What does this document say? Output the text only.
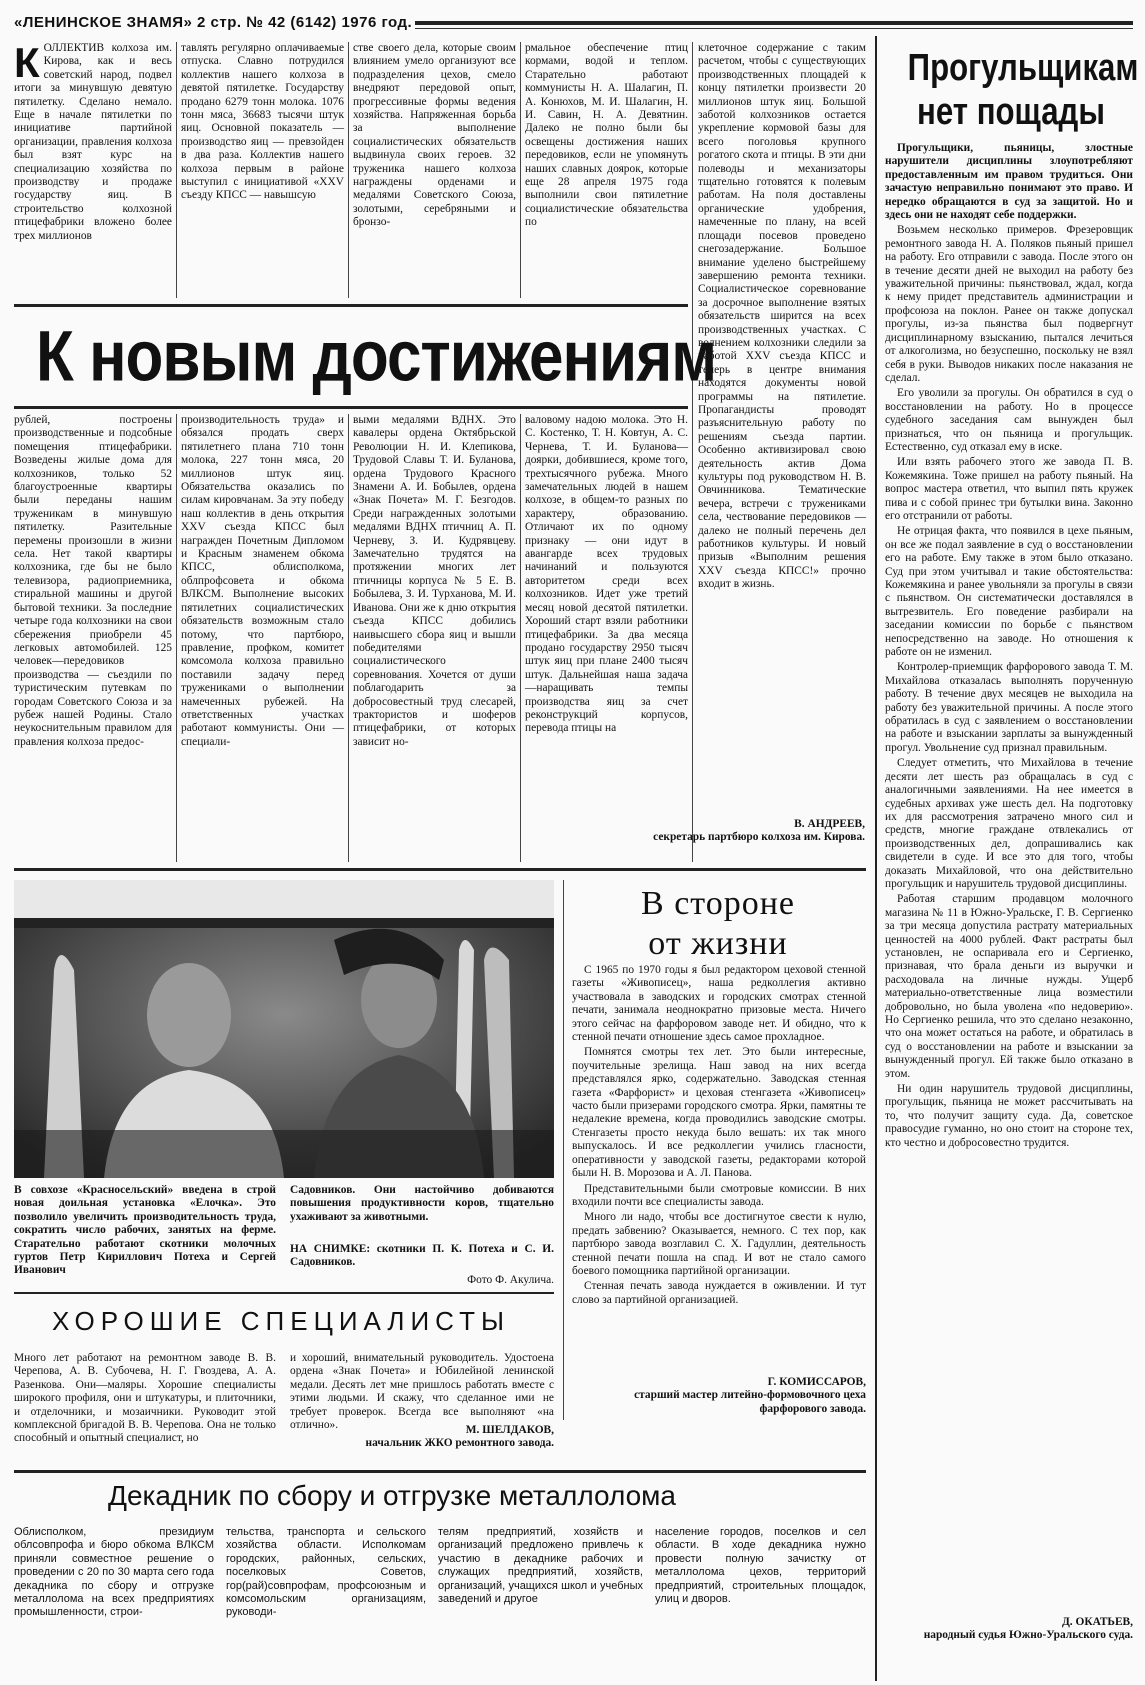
«ЛЕНИНСКОЕ ЗНАМЯ» 2 стр. № 42 (6142) 1976 год.
КОЛЛЕКТИВ колхоза им. Кирова, как и весь советский народ, подвел итоги за минувшую девятую пятилетку. Сделано немало. Еще в начале пятилетки по инициативе партийной организации, правления колхоза был взят курс на специализацию хозяйства по производству и продаже государству яиц. В строительство колхозной птицефабрики вложено более трех миллионов
тавлять регулярно оплачиваемые отпуска. Славно потрудился коллектив нашего колхоза в девятой пятилетке. Государству продано 6279 тонн молока. 1076 тонн мяса, 36683 тысячи штук яиц. Основной показатель — производство яиц — превзойден в два раза. Коллектив нашего колхоза первым в районе выступил с инициативой «XXV съезду КПСС — навышсую
ствe своего дела, которые своим влиянием умело организуют все подразделения цехов, смело внедряют передовой опыт, прогрессивные формы ведения хозяйства. Напряженная борьба за выполнение социалистических обязательств выдвинула своих героев. 32 труженика нашего колхоза награждены орденами и медалями Советского Союза, золотыми, серебряными и бронзо-
рмальное обеспечение птиц кормами, водой и теплом. Старательно работают коммунисты Н. А. Шалагин, П. А. Конюхов, М. И. Шалагин, Н. И. Савин, Н. А. Девятнин. Далеко не полно были бы освещены достижения наших передовиков, если не упомянуть наших славных доярок, которые еще 28 апреля 1975 года выполнили свои пятилетние социалистические обязательства по
клеточное содержание с таким расчетом, чтобы с существующих производственных площадей к концу пятилетки произвести 20 миллионов штук яиц. Большой заботой колхозников остается укрепление кормовой базы для всего поголовья крупного рогатого скота и птицы. В эти дни полеводы и механизаторы тщательно готовятся к полевым работам. На поля доставлены органические удобрения, намеченные по плану, на всей площади посевов проведено снегозадержание. Большое внимание уделено быстрейшему завершению ремонта техники. Социалистическое соревнование за досрочное выполнение взятых обязательств ширится на всех производственных участках. С волнением колхозники следили за работой XXV съезда КПСС и теперь в центре внимания находятся документы новой программы на пятилетие. Пропагандисты проводят разъяснительную работу по решениям съезда партии. Особенно активизировал свою деятельность актив Дома культуры под руководством Н. В. Овчинникова. Тематические вечера, встречи с тружениками села, чествование передовиков — далеко не полный перечень дел работников культуры. И новый призыв «Выполним решения XXV съезда КПСС!» прочно входит в жизнь.
К новым достижениям
рублей, построены производственные и подсобные помещения птицефабрики. Возведены жилые дома для колхозников, только 52 благоустроенные квартиры были переданы нашим труженикам в минувшую пятилетку. Разительные перемены произошли в жизни села. Нет такой квартиры колхозника, где бы не было телевизора, радиоприемника, стиральной машины и другой бытовой техники. За последние четыре года колхозники на свои сбережения приобрели 45 легковых автомобилей. 125 человек—передовиков производства — съездили по туристическим путевкам по городам Советского Союза и за рубеж нашей Родины. Стало неукоснительным правилом для правления колхоза предос-
производительность труда» и обязался продать сверх пятилетнего плана 710 тонн молока, 227 тонн мяса, 20 миллионов штук яиц. Обязательства оказались по силам кировчанам. За эту победу наш коллектив в день открытия XXV съезда КПСС был награжден Почетным Дипломом и Красным знаменем обкома КПСС, облисполкома, облпрофсовета и обкома ВЛКСМ. Выполнение высоких пятилетних социалистических обязательств возможным стало потому, что партбюро, правление, профком, комитет комсомола колхоза правильно поставили задачу перед тружениками о выполнении намеченных рубежей. На ответственных участках работают коммунисты. Они — специали-
выми медалями ВДНХ. Это кавалеры ордена Октябрьской Революции Н. И. Клепикова, Трудовой Славы Т. И. Буланова, ордена Трудового Красного Знамени А. И. Бобылев, ордена «Знак Почета» М. Г. Безгодов. Среди награжденных золотыми медалями ВДНХ птичниц А. П. Черневу, З. И. Кудрявцеву. Замечательно трудятся на протяжении многих лет птичницы корпуса № 5 Е. В. Бобылева, З. И. Турханова, М. И. Иванова. Они же к дню открытия съезда КПСС добились наивысшего сбора яиц и вышли победителями социалистического соревнования. Хочется от души поблагодарить за добросовестный труд слесарей, трактористов и шоферов птицефабрики, от которых зависит но-
валовому надою молока. Это Н. С. Костенко, Т. Н. Ковтун, А. С. Чернева, Т. И. Буланова—доярки, добившиеся, кроме того, трехтысячного рубежа. Много замечательных людей в нашем колхозе, в общем-то разных по характеру, образованию. Отличают их по одному признаку — они идут в авангарде всех трудовых начинаний и пользуются авторитетом среди всех колхозников. Идет уже третий месяц новой десятой пятилетки. Хороший старт взяли работники птицефабрики. За два месяца продано государству 2950 тысяч штук яиц при плане 2400 тысяч штук. Дальнейшая наша задача—наращивать темпы производства яиц за счет реконструкций корпусов, перевода птицы на
В. АНДРЕЕВ,
секретарь партбюро колхоза им. Кирова.
Прогульщикам
нет пощады

Прогульщики, пьяницы, злостные нарушители дисциплины злоупотребляют предоставленным им правом трудиться. Они зачастую неправильно понимают это право. И нередко обращаются в суд за защитой. Но и здесь они не находят себе поддержки.

Возьмем несколько примеров. Фрезеровщик ремонтного завода Н. А. Поляков пьяный пришел на работу. Его отправили с завода. После этого он в течение десяти дней не выходил на работу без уважительной причины: пьянствовал, ждал, когда к нему придет представитель администрации и профсоюза на поклон. Ранее он также допускал прогулы, из-за пьянства был подвергнут дисциплинарному взысканию, пытался лечиться от алкоголизма, но безуспешно, поскольку не взял себя в руки. Выводов никаких после наказания не сделал.

Его уволили за прогулы. Он обратился в суд о восстановлении на работу. Но в процессе судебного заседания сам вынужден был признаться, что он пьяница и прогульщик. Естественно, суд отказал ему в иске.

Или взять рабочего этого же завода П. В. Кожемякина. Тоже пришел на работу пьяный. На вопрос мастера ответил, что выпил пять кружек пива и с собой принес три бутылки вина. Законно его отстранили от работы.

Не отрицая факта, что появился в цехе пьяным, он все же подал заявление в суд о восстановлении его на работе. Ему также в этом было отказано. Суд при этом учитывал и такие обстоятельства: Кожемякина и ранее увольняли за прогулы в связи с пьянством. Он систематически доставлялся в вытрезвитель. Его поведение разбирали на заседании комиссии по борьбе с пьянством непосредственно на заводе. Но отношения к работе он не изменил.

Контролер-приемщик фарфорового завода Т. М. Михайлова отказалась выполнять порученную работу. В течение двух месяцев не выходила на работу без уважительной причины. А после этого обратилась в суд с заявлением о восстановлении на работе и взыскании зарплаты за вынужденный прогул. Увольнение суд признал правильным.

Следует отметить, что Михайлова в течение десяти лет шесть раз обращалась в суд с аналогичными заявлениями. На нее имеется в судебных архивах уже шесть дел. На подготовку их для рассмотрения затрачено много сил и средств, многие граждане отвлекались от производственных дел, допрашивались как свидетели в суде. И все это для того, чтобы доказать Михайловой, что она действительно прогульщик и нарушитель трудовой дисциплины.

Работая старшим продавцом молочного магазина № 11 в Южно-Уральске, Г. В. Сергиенко за три месяца допустила растрату материальных ценностей на 4000 рублей. Факт растраты был установлен, не оспаривала его и Сергиенко, признавая, что брала деньги из выручки и расходовала на личные нужды. Ущерб материально-ответственные лица возместили добровольно, но была уволена «по недоверию». Но Сергиенко решила, что это сделано незаконно, что она может остаться на работе, и обратилась в суд о восстановлении на работе и взыскании за вынужденный прогул. Ей также было отказано в этом.

Ни один нарушитель трудовой дисциплины, прогульщик, пьяница не может рассчитывать на то, что получит защиту суда. Да, советское правосудие гуманно, но оно стоит на стороне тех, кто честно и добросовестно трудится.

Д. ОКАТЬЕВ,
народный судья Южно-Уральского суда.
В совхозе «Красносельский» введена в строй новая доильная установка «Елочка». Это позволило увеличить производительность труда, сократить число рабочих, занятых на ферме. Старательно работают скотники молочных гуртов Петр Кириллович Потеха и Сергей Иванович
Садовников. Они настойчиво добиваются повышения продуктивности коров, тщательно ухаживают за животными.
НА СНИМКЕ: скотники П. К. Потеха и С. И. Садовников.
Фото Ф. Акулича.
В стороне
от жизни

С 1965 по 1970 годы я был редактором цеховой стенной газеты «Живописец», наша редколлегия активно участвовала в заводских и городских смотрах стенной печати, занимала неоднократно призовые места. Ничего этого сейчас на фарфоровом заводе нет. И обидно, что к стенной печати отношение здесь самое прохладное.

Помнятся смотры тех лет. Это были интересные, поучительные зрелища. Наш завод на них всегда представлялся ярко, содержательно. Заводская стенная газета «Фарфорист» и цеховая стенгазета «Живописец» часто были призерами городского смотра. Ярки, памятны те недалекие времена, когда проводились заводские смотры. Стенгазеты просто некуда было вешать: их так много выпускалось. И все редколлегии учились гласности, оперативности у заводской газеты, редакторами которой были Н. В. Морозова и А. Л. Панова.

Представительными были смотровые комиссии. В них входили почти все специалисты завода.

Много ли надо, чтобы все достигнутое свести к нулю, предать забвению? Оказывается, немного. С тех пор, как партбюро завода возглавил С. Х. Гадуллин, деятельность стенной печати пошла на спад. И вот не стало самого боевого помощника партийной организации.

Стенная печать завода нуждается в оживлении. И тут слово за партийной организацией.

Г. КОМИССАРОВ,
старший мастер литейно-формовочного цеха фарфорового завода.
ХОРОШИЕ СПЕЦИАЛИСТЫ
Много лет работают на ремонтном заводе В. В. Черепова, А. В. Субочева, Н. Г. Гвоздева, А. А. Разенкова. Они—маляры. Хорошие специалисты широкого профиля, они и штукатуры, и плиточники, и отделочники, и мозаичники. Руководит этой комплексной бригадой В. В. Черепова. Она не только способный и опытный специалист, но
и хороший, внимательный руководитель. Удостоена ордена «Знак Почета» и Юбилейной ленинской медали. Десять лет мне пришлось работать вместе с этими людьми. И скажу, что сделанное ими не требует проверок. Всегда все выполняют «на отлично».	М. ШЕЛДАКОВ,
начальник ЖКО ремонтного завода.
Декадник по сбору и отгрузке металлолома
Облисполком, президиум облсовпрофа и бюро обкома ВЛКСМ приняли совместное решение о проведении с 20 по 30 марта сего года декадника по сбору и отгрузке металлолома на всех предприятиях промышленности, строи-
тельства, транспорта и сельского хозяйства области. Исполкомам городских, районных, сельских, поселковых Советов, гор(рай)совпрофам, профсоюзным и комсомольским организациям, руководи-
телям предприятий, хозяйств и организаций предложено привлечь к участию в декаднике рабочих и служащих предприятий, хозяйств, организаций, учащихся школ и учебных заведений и другое
население городов, поселков и сел области. В ходе декадника нужно провести полную зачистку от металлолома цехов, территорий предприятий, строительных площадок, улиц и дворов.
